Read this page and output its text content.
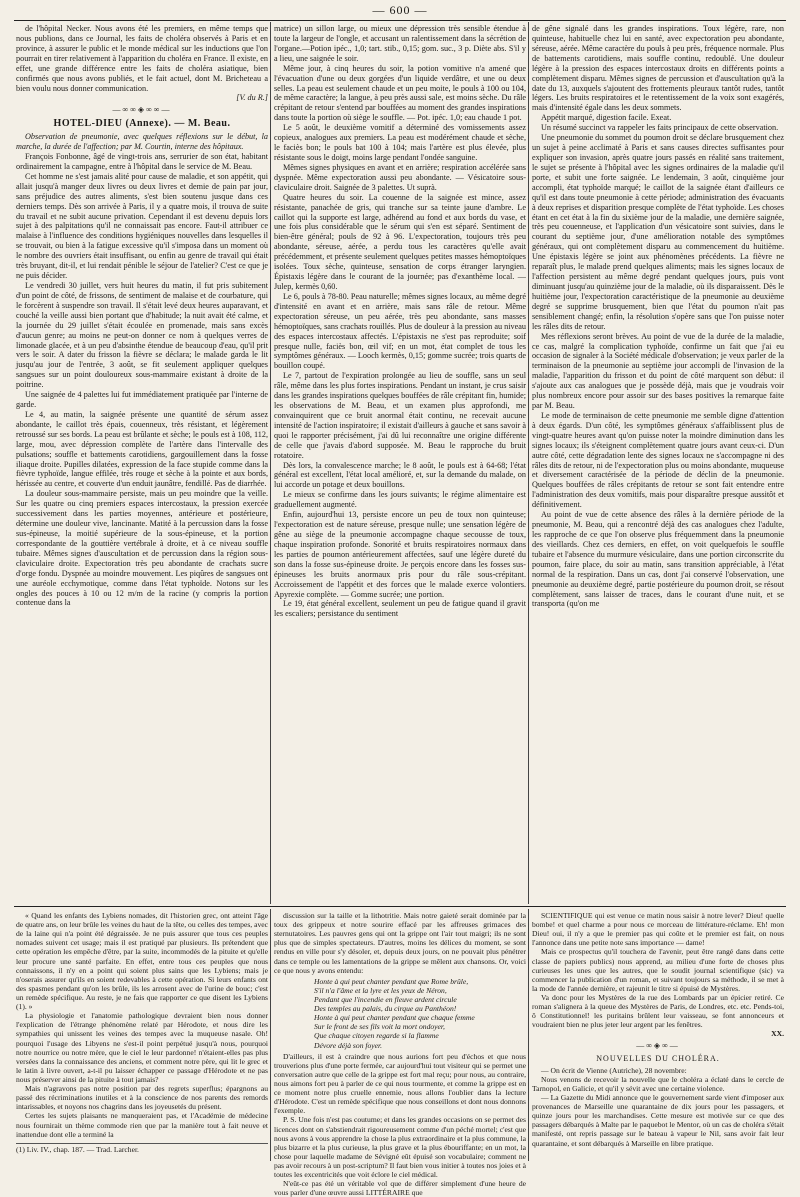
— 600 —

de l'hôpital Necker. Nous avons été les premiers, en même temps que nous publions, dans ce Journal, les faits de choléra observés à Paris et en province, à assurer le public et le monde médical sur les inductions que l'on pourrait en tirer relativement à l'apparition du choléra en France. Il existe, en effet, une grande différence entre les faits de choléra asiatique, bien confirmés que nous avons publiés, et le fait actuel, dont M. Bricheteau a bien voulu nous donner communication.

[V. du R.]
—∞∞◈∞∞—
HOTEL-DIEU (Annexe). — M. Beau.

Observation de pneumonie, avec quelques réflexions sur le début, la marche, la durée de l'affection; par M. Courtin, interne des hôpitaux.

François Fonbonne, âgé de vingt-trois ans, serrurier de son état, habitant ordinairement la campagne, entre à l'hôpital dans le service de M. Beau.

Cet homme ne s'est jamais alité pour cause de maladie, et son appétit, qui allait jusqu'à manger deux livres ou deux livres et demie de pain par jour, sans préjudice des autres aliments, s'est bien soutenu jusque dans ces derniers temps. Dès son arrivée à Paris, il y a quatre mois, il trouva de suite du travail et ne subit aucune privation. Cependant il est devenu depuis lors sujet à des palpitations qu'il ne connaissait pas encore. Faut-il attribuer ce malaise à l'influence des conditions hygiéniques nouvelles dans lesquelles il se trouvait, ou bien à la fatigue excessive qu'il s'imposa dans un moment où le nombre des ouvriers était insuffisant, ou enfin au genre de travail qui était très bruyant, dit-il, et lui rendait pénible le séjour de l'atelier? C'est ce que je ne puis décider.

Le vendredi 30 juillet, vers huit heures du matin, il fut pris subitement d'un point de côté, de frissons, de sentiment de malaise et de courbature, qui le forcèrent à suspendre son travail. Il s'était levé deux heures auparavant, et couché la veille aussi bien portant que d'habitude; la nuit avait été calme, et la journée du 29 juillet s'était écoulée en promenade, mais sans excès d'aucun genre; au moins ne peut-on donner ce nom à quelques verres de limonade glacée, et à un peu d'absinthe étendue de beaucoup d'eau, qu'il prit vers le soir. A dater du frisson la fièvre se déclara; le malade garda le lit jusqu'au jour de l'entrée, 3 août, se fit seulement appliquer quelques sangsues sur un point douloureux sous-mammaire existant à droite de la poitrine.

Une saignée de 4 palettes lui fut immédiatement pratiquée par l'interne de garde.

Le 4, au matin, la saignée présente une quantité de sérum assez abondante, le caillot très épais, couenneux, très résistant, et légèrement retroussé sur ses bords. La peau est brûlante et sèche; le pouls est à 108, 112, large, mou, avec dépression complète de l'artère dans l'intervalle des pulsations; souffle et battements carotidiens, gargouillement dans la fosse iliaque droite. Pupilles dilatées, expression de la face stupide comme dans la fièvre typhoïde, langue effilée, très rouge et sèche à la pointe et aux bords, hérissée au centre, et couverte d'un enduit jaunâtre, fendillé. Pas de diarrhée.

La douleur sous-mammaire persiste, mais un peu moindre que la veille. Sur les quatre ou cinq premiers espaces intercostaux, la pression exercée successivement dans les parties moyennes, antérieure et postérieure, détermine une douleur vive, lancinante. Matité à la percussion dans la fosse sus-épineuse, la moitié supérieure de la sous-épineuse, et la portion correspondante de la gouttière vertébrale à droite, et à ce niveau souffle tubaire. Mêmes signes d'auscultation et de percussion dans la région sous-claviculaire droite. Expectoration très peu abondante de crachats sucre d'orge fondu. Dyspnée au moindre mouvement. Les piqûres de sangsues ont une auréole ecchymotique, comme dans l'état typhoïde. Notons sur les ongles des pouces à 10 ou 12 m/m de la racine (y compris la portion contenue dans la

matrice) un sillon large, ou mieux une dépression très sensible étendue à toute la largeur de l'ongle, et accusant un ralentissement dans la sécrétion de l'organe.—Potion ipéc., 1,0; tart. stib., 0,15; gom. suc., 3 p. Diète abs. S'il y a lieu, une saignée le soir.

Même jour, à cinq heures du soir, la potion vomitive n'a amené que l'évacuation d'une ou deux gorgées d'un liquide verdâtre, et une ou deux selles. La peau est seulement chaude et un peu moite, le pouls à 100 ou 104, de même caractère; la langue, à peu près aussi sale, est moins sèche. Du râle crépitant de retour s'entend par bouffées au moment des grandes inspirations dans toute la portion où siège le souffle. — Pot. ipéc. 1,0; eau chaude 1 pot.

Le 5 août, le deuxième vomitif a déterminé des vomissements assez copieux, analogues aux premiers. La peau est modérément chaude et sèche, le faciès bon; le pouls bat 100 à 104; mais l'artère est plus élevée, plus résistante sous le doigt, moins large pendant l'ondée sanguine.

Mêmes signes physiques en avant et en arrière; respiration accélérée sans dyspnée. Même expectoration aussi peu abondante. — Vésicatoire sous-claviculaire droit. Saignée de 3 palettes. Ut suprà.

Quatre heures du soir. La couenne de la saignée est mince, assez résistante, panachée de gris, qui tranche sur sa teinte jaune d'ambre. Le caillot qui la supporte est large, adhérend au fond et aux bords du vase, et une fois plus considérable que le sérum qui s'en est séparé. Sentiment de bien-être général; pouls de 92 à 96. L'expectoration, toujours très peu abondante, séreuse, aérée, a perdu tous les caractères qu'elle avait précédemment, et présente seulement quelques petites masses hémoptoïques isolées. Toux sèche, quinteuse, sensation de corps étranger laryngien. Épistaxis légère dans le courant de la journée; pas d'exanthème local. — Julep, kermès 0,60.

Le 6, pouls à 78-80. Peau naturelle; mêmes signes locaux, au même degré d'intensité en avant et en arrière, mais sans râle de retour. Même expectoration séreuse, un peu aérée, très peu abondante, sans masses hémoptoïques, sans crachats rouillés. Plus de douleur à la pression au niveau des espaces intercostaux affectés. L'épistaxis ne s'est pas reproduite; soif presque nulle, faciès bon, œil vif; en un mot, état complet de tous les symptômes généraux. — Looch kermès, 0,15; gomme sucrée; trois quarts de bouillon coupé.

Le 7, partout de l'expiration prolongée au lieu de souffle, sans un seul râle, même dans les plus fortes inspirations. Pendant un instant, je crus saisir dans les grandes inspirations quelques bouffées de râle crépitant fin, humide; les observations de M. Beau, et un examen plus approfondi, me convainquirent que ce bruit anormal était continu, ne recevait aucune intensité de l'action inspiratoire; il existait d'ailleurs à gauche et sans savoir à quoi le rapporter précisément, j'ai dû lui reconnaître une origine différente de celle que j'avais d'abord supposée. M. Beau le rapproche du bruit rotatoire.

Dès lors, la convalescence marche; le 8 août, le pouls est à 64-68; l'état général est excellent, l'état local amélioré, et, sur la demande du malade, on lui accorde un potage et deux bouillons.

Le mieux se confirme dans les jours suivants; le régime alimentaire est graduellement augmenté.

Enfin, aujourd'hui 13, persiste encore un peu de toux non quinteuse; l'expectoration est de nature séreuse, presque nulle; une sensation légère de gêne au siège de la pneumonie accompagne chaque secousse de toux, chaque inspiration profonde. Sonorité et bruits respiratoires normaux dans les parties de poumon antérieurement affectées, sauf une légère dureté du son dans la fosse sus-épineuse droite. Je perçois encore dans les fosses sus-épineuses les bruits anormaux pris pour du râle sous-crépitant. Accroissement de l'appétit et des forces que le malade exerce volontiers. Apyrexie complète. — Gomme sucrée; une portion.

Le 19, état général excellent, seulement un peu de fatigue quand il gravit les escaliers; persistance du sentiment

de gêne signalé dans les grandes inspirations. Toux légère, rare, non quinteuse, habituelle chez lui en santé, avec expectoration peu abondante, séreuse, aérée. Même caractère du pouls à peu près, fréquence normale. Plus de battements carotidiens, mais souffle continu, redoublé. Une douleur légère à la pression des espaces intercostaux droits en différents points a complètement disparu. Mêmes signes de percussion et d'auscultation qu'à la date du 13, auxquels s'ajoutent des frottements pleuraux tantôt rudes, tantôt légers. Les bruits respiratoires et le retentissement de la voix sont exagérés, mais d'intensité égale dans les deux sommets.

Appétit marqué, digestion facile. Exeat.

Un résumé succinct va rappeler les faits principaux de cette observation.

Une pneumonie du sommet du poumon droit se déclare brusquement chez un sujet à peine acclimaté à Paris et sans causes directes suffisantes pour expliquer son invasion, après quatre jours passés en réalité sans traitement, le sujet se présente à l'hôpital avec les signes ordinaires de la maladie qu'il porte, et subit une forte saignée. Le lendemain, 3 août, cinquième jour accompli, état typhoïde marqué; le caillot de la saignée étant d'ailleurs ce qu'il est dans toute pneumonie à cette période; administration des évacuants à deux reprises et disparition presque complète de l'état typhoïde. Les choses étant en cet état à la fin du sixième jour de la maladie, une dernière saignée, très peu couenneuse, et l'application d'un vésicatoire sont suivies, dans le courant du septième jour, d'une amélioration notable des symptômes généraux, qui ont complètement disparu au commencement du huitième. Une épistaxis légère se joint aux phénomènes précédents. La fièvre ne reparaît plus, le malade prend quelques aliments; mais les signes locaux de l'affection persistent au même degré pendant quelques jours, puis vont diminuant jusqu'au quinzième jour de la maladie, où ils disparaissent. Dès le huitième jour, l'expectoration caractéristique de la pneumonie au deuxième degré se supprime brusquement, bien que l'état du poumon n'ait pas sensiblement changé; enfin, la résolution s'opère sans que l'on puisse noter les râles dits de retour.

Mes réflexions seront brèves. Au point de vue de la durée de la maladie, ce cas, malgré la complication typhoïde, confirme un fait que j'ai eu occasion de signaler à la Société médicale d'observation; je veux parler de la terminaison de la pneumonie au septième jour accompli de l'invasion de la maladie, l'apparition du frisson et du point de côté marquent son début: il s'ajoute aux cas analogues que je possède déjà, mais que je voudrais voir plus nombreux encore pour assoir sur des bases positives la remarque faite par M. Beau.

Le mode de terminaison de cette pneumonie me semble digne d'attention à deux égards. D'un côté, les symptômes généraux s'affaiblissent plus de vingt-quatre heures avant qu'on puisse noter la moindre diminution dans les signes locaux; ils s'éteignent complètement quatre jours avant ceux-ci. D'un autre côté, cette dégradation lente des signes locaux ne s'accompagne ni des râles dits de retour, ni de l'expectoration plus ou moins abondante, muqueuse et diversement caractérisée de la période de déclin de la pneumonie. Quelques bouffées de râles crépitants de retour se sont fait entendre entre l'administration des deux vomitifs, mais pour disparaître presque aussitôt et définitivement.

Au point de vue de cette absence des râles à la dernière période de la pneumonie, M. Beau, qui a rencontré déjà des cas analogues chez l'adulte, les rapproche de ce que l'on observe plus fréquemment dans la pneumonie des vieillards. Chez ces derniers, en effet, on voit quelquefois le souffle tubaire et l'absence du murmure vésiculaire, dans une portion circonscrite du poumon, faire place, du soir au matin, sans transition appréciable, à l'état normal de la respiration. Dans un cas, dont j'ai conservé l'observation, une pneumonie au deuxième degré, partie postérieure du poumon droit, se résout complètement, sans laisser de traces, dans le courant d'une nuit, et se transporta (qu'on me

« Quand les enfants des Lybiens nomades, dit l'historien grec, ont atteint l'âge de quatre ans, on leur brûle les veines du haut de la tête, ou celles des tempes, avec de la laine qui n'a point été dégraissée. Je ne puis assurer que tous ces peuples nomades suivent cet usage; mais il est pratiqué par plusieurs. Ils prétendent que cette opération les empêche d'être, par la suite, incommodés de la pituite et qu'elle leur procure une santé parfaite. En effet, entre tous ces peuples que nous connaissons, il n'y en a point qui soient plus sains que les Lybiens; mais je n'oserais assurer qu'ils en soient redevables à cette opération. Si leurs enfants ont des spasmes pendant qu'on les brûle, ils les arrosent avec de l'urine de bouc; c'est un remède spécifique. Au reste, je ne fais que rapporter ce que disent les Lybiens (1). »

La physiologie et l'anatomie pathologique devraient bien nous donner l'explication de l'étrange phénomène relaté par Hérodote, et nous dire les sympathies qui unissent les veines des tempes avec la muqueuse nasale. Oh! pourquoi l'usage des Libyens ne s'est-il point perpétué jusqu'à nous, pourquoi notre nourrice ou notre mère, que le ciel le leur pardonne! n'étaient-elles pas plus versées dans la connaissance des anciens, et comment notre père, qui lit le grec et le latin à livre ouvert, a-t-il pu laisser échapper ce passage d'Hérodote et ne pas nous préserver ainsi de la pituite à tout jamais?

Mais n'agravons pas notre position par des regrets superflus; épargnons au passé des récriminations inutiles et à la conscience de nos parents des remords intarissables, et noyons nos chagrins dans les joyeusetés du présent.

Certes les sujets plaisants ne manqueraient pas, et l'Académie de médecine nous fournirait un thème commode rien que par la manière tout à fait neuve et inattendue dont elle a terminé la

(1) Liv. IV., chap. 187. — Trad. Larcher.

discussion sur la taille et la lithotritie. Mais notre gaieté serait dominée par la toux des grippeux et notre sourire effacé par les affreuses grimaces des sternutatoires. Les pauvres gens qui ont la grippe ont l'air tout maigri; ils ne sont plus que de simples spectateurs. D'autres, moins les délices du moment, se sont rendus en ville pour s'y désoler, et, depuis deux jours, on ne pouvait plus pénétrer dans ce temple ou les lamentations de la grippe se mêlent aux chansons. Or, voici ce que nous y avons entendu:

Honte à qui peut chanter pendant que Rome brûle,
S'il n'a l'âme et la lyre et les yeux de Néron,
Pendant que l'incendie en fleuve ardent circule
Des temples au palais, du cirque au Panthéon!
Honte à qui peut chanter pendant que chaque femme
Sur le front de ses fils voit la mort ondoyer,
Que chaque citoyen regarde si la flamme
Dévore déjà son foyer.

D'ailleurs, il est à craindre que nous aurions fort peu d'échos et que nous trouverions plus d'une porte fermée, car aujourd'hui tout visiteur qui se permet une conversation autre que celle de la grippe est fort mal reçu; pour nous, au contraire, nous aimons fort peu à parler de ce qui nous tourmente, et comme la grippe est en ce moment notre plus cruelle ennemie, nous allons l'oublier dans la lecture d'Hérodote. C'est un remède spécifique que nous conseillons et dont nous donnons l'exemple.

P. S. Une fois n'est pas coutume; et dans les grandes occasions on se permet des licences dont on s'abstiendrait rigoureusement comme d'un péché mortel; c'est que nous avons à vous apprendre la chose la plus extraordinaire et la plus commune, la plus bizarre et la plus curieuse, la plus grave et la plus ébouriffante; en un mot, la chose pour laquelle madame de Sévigné eût épuisé son vocabulaire; comment ne pas avoir recours à un post-scriptum? Il faut bien vous initier à toutes nos joies et à toutes les excentricités que voit éclore le ciel médical.

N'eût-ce pas été un véritable vol que de différer simplement d'une heure de vous parler d'une œuvre aussi LITTÉRAIRE que

SCIENTIFIQUE qui est venue ce matin nous saisir à notre lever? Dieu! quelle bombe! et quel charme a pour nous ce morceau de littérature-réclame. Eh! mon Dieu! oui, il n'y a que le premier pas qui coûte et le premier est fait, on nous l'annonce dans une petite note sans importance — dame!

Mais ce prospectus qu'il touchera de l'avenir, peut être rangé dans dans cette classe de papiers publics) nous apprend, au milieu d'une forte de choses plus curieuses les unes que les autres, que le soudit journal scientifique (sic) va commencer la publication d'un roman, et suivant toujours sa méthode, il se met à la mode de l'année dernière, et rajeunit le titre si épuisé de Mystères.

Va donc pour les Mystères de la rue des Lombards par un épicier retiré. Ce roman s'alignera à la queue des Mystères de Paris, de Londres, etc. etc. Pends-toi, ô Constitutionnel! les puritains brûlent leur vaisseau, se font annonceurs et voudraient bien ne plus jeter leur argent par les fenêtres.

XX.
—∞◈∞—
NOUVELLES DU CHOLÉRA.

— On écrit de Vienne (Autriche), 28 novembre:

Nous venons de recevoir la nouvelle que le choléra a éclaté dans le cercle de Tarnopol, en Galicie, et qu'il y sévit avec une certaine violence.

— La Gazette du Midi annonce que le gouvernement sarde vient d'imposer aux provenances de Marseille une quarantaine de dix jours pour les passagers, et quinze jours pour les marchandises. Cette mesure est motivée sur ce que des passagers débarqués à Malte par le paquebot le Mentor, où un cas de choléra s'était manifesté, ont repris passage sur le bateau à vapeur le Nil, sans avoir fait leur quarantaine, et sont débarqués à Marseille en libre pratique.
